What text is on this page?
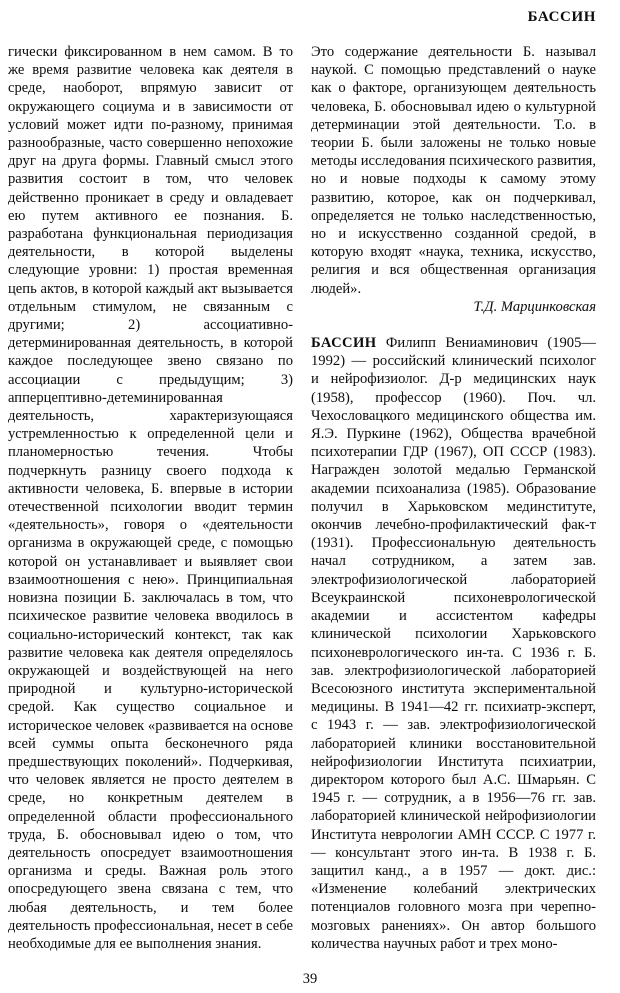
БАССИН

гически фиксированном в нем самом. В то же время развитие человека как деятеля в среде, наоборот, впрямую зависит от окружающего социума и в зависимости от условий может идти по-разному, принимая разнообразные, часто совершенно непохожие друг на друга формы. Главный смысл этого развития состоит в том, что человек действенно проникает в среду и овладевает ею путем активного ее познания. Б. разработана функциональная периодизация деятельности, в которой выделены следующие уровни: 1) простая временная цепь актов, в которой каждый акт вызывается отдельным стимулом, не связанным с другими; 2) ассоциативно-детерминированная деятельность, в которой каждое последующее звено связано по ассоциации с предыдущим; 3) апперцептивно-детеминированная деятельность, характеризующаяся устремленностью к определенной цели и планомерностью течения. Чтобы подчеркнуть разницу своего подхода к активности человека, Б. впервые в истории отечественной психологии вводит термин «деятельность», говоря о «деятельности организма в окружающей среде, с помощью которой он устанавливает и выявляет свои взаимоотношения с нею». Принципиальная новизна позиции Б. заключалась в том, что психическое развитие человека вводилось в социально-исторический контекст, так как развитие человека как деятеля определялось окружающей и воздействующей на него природной и культурно-исторической средой. Как существо социальное и историческое человек «развивается на основе всей суммы опыта бесконечного ряда предшествующих поколений». Подчеркивая, что человек является не просто деятелем в среде, но конкретным деятелем в определенной области профессионального труда, Б. обосновывал идею о том, что деятельность опосредует взаимоотношения организма и среды. Важная роль этого опосредующего звена связана с тем, что любая деятельность, и тем более деятельность профессиональная, несет в себе необходимые для ее выполнения знания.

Это содержание деятельности Б. называл наукой. С помощью представлений о науке как о факторе, организующем деятельность человека, Б. обосновывал идею о культурной детерминации этой деятельности. Т.о. в теории Б. были заложены не только новые методы исследования психического развития, но и новые подходы к самому этому развитию, которое, как он подчеркивал, определяется не только наследственностью, но и искусственно созданной средой, в которую входят «наука, техника, искусство, религия и вся общественная организация людей».

Т.Д. Марцинковская

БАССИН Филипп Вениаминович (1905—1992) — российский клинический психолог и нейрофизиолог. Д-р медицинских наук (1958), профессор (1960). Поч. чл. Чехословацкого медицинского общества им. Я.Э. Пуркине (1962), Общества врачебной психотерапии ГДР (1967), ОП СССР (1983). Награжден золотой медалью Германской академии психоанализа (1985). Образование получил в Харьковском мединституте, окончив лечебно-профилактический фак-т (1931). Профессиональную деятельность начал сотрудником, а затем зав. электрофизиологической лабораторией Всеукраинской психоневрологической академии и ассистентом кафедры клинической психологии Харьковского психоневрологического ин-та. С 1936 г. Б. зав. электрофизиологической лабораторией Всесоюзного института экспериментальной медицины. В 1941—42 гг. психиатр-эксперт, с 1943 г. — зав. электрофизиологической лабораторией клиники восстановительной нейрофизиологии Института психиатрии, директором которого был А.С. Шмарьян. С 1945 г. — сотрудник, а в 1956—76 гг. зав. лабораторией клинической нейрофизиологии Института неврологии АМН СССР. С 1977 г. — консультант этого ин-та. В 1938 г. Б. защитил канд., а в 1957 — докт. дис.: «Изменение колебаний электрических потенциалов головного мозга при черепно-мозговых ранениях». Он автор большого количества научных работ и трех моно-

39
